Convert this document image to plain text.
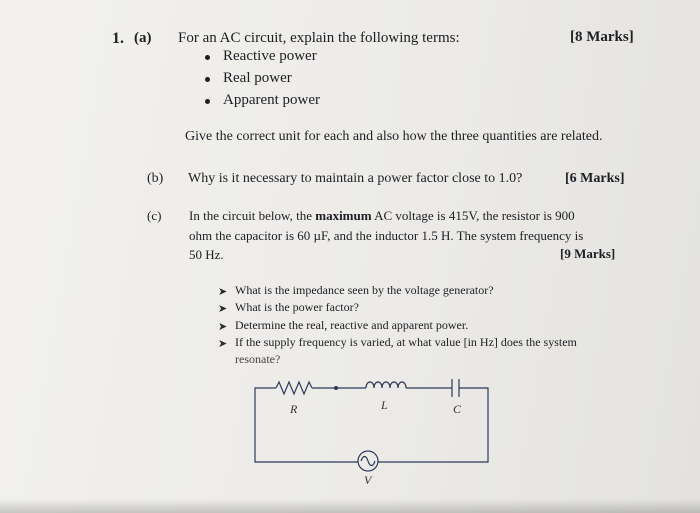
1. (a) For an AC circuit, explain the following terms:	[8 Marks]
Reactive power
Real power
Apparent power
Give the correct unit for each and also how the three quantities are related.
(b) Why is it necessary to maintain a power factor close to 1.0?	[6 Marks]
(c) In the circuit below, the maximum AC voltage is 415V, the resistor is 900
ohm the capacitor is 60 µF, and the inductor 1.5 H. The system frequency is
50 Hz.	[9 Marks]
➤ What is the impedance seen by the voltage generator?
➤ What is the power factor?
➤ Determine the real, reactive and apparent power.
➤ If the supply frequency is varied, at what value [in Hz] does the system
resonate?
R	L	C
V
